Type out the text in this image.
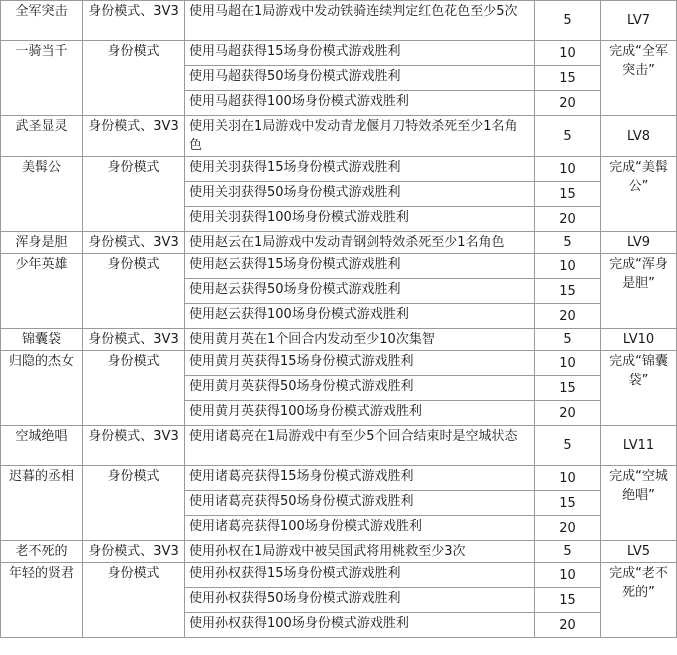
全军突击	身份模式、3V3	使用马超在1局游戏中发动铁骑连续判定红色花色至少5次	5	LV7
一骑当千	身份模式	使用马超获得15场身份模式游戏胜利	10	完成“全军突击”
		使用马超获得50场身份模式游戏胜利	15	
		使用马超获得100场身份模式游戏胜利	20	
武圣显灵	身份模式、3V3	使用关羽在1局游戏中发动青龙偃月刀特效杀死至少1名角色	5	LV8
美髯公	身份模式	使用关羽获得15场身份模式游戏胜利	10	完成“美髯公”
		使用关羽获得50场身份模式游戏胜利	15	
		使用关羽获得100场身份模式游戏胜利	20	
浑身是胆	身份模式、3V3	使用赵云在1局游戏中发动青钢剑特效杀死至少1名角色	5	LV9
少年英雄	身份模式	使用赵云获得15场身份模式游戏胜利	10	完成“浑身是胆”
		使用赵云获得50场身份模式游戏胜利	15	
		使用赵云获得100场身份模式游戏胜利	20	
锦囊袋	身份模式、3V3	使用黄月英在1个回合内发动至少10次集智	5	LV10
归隐的杰女	身份模式	使用黄月英获得15场身份模式游戏胜利	10	完成“锦囊袋”
		使用黄月英获得50场身份模式游戏胜利	15	
		使用黄月英获得100场身份模式游戏胜利	20	
空城绝唱	身份模式、3V3	使用诸葛亮在1局游戏中有至少5个回合结束时是空城状态	5	LV11
迟暮的丞相	身份模式	使用诸葛亮获得15场身份模式游戏胜利	10	完成“空城绝唱”
		使用诸葛亮获得50场身份模式游戏胜利	15	
		使用诸葛亮获得100场身份模式游戏胜利	20	
老不死的	身份模式、3V3	使用孙权在1局游戏中被吴国武将用桃救至少3次	5	LV5
年轻的贤君	身份模式	使用孙权获得15场身份模式游戏胜利	10	完成“老不死的”
		使用孙权获得50场身份模式游戏胜利	15	
		使用孙权获得100场身份模式游戏胜利	20	
